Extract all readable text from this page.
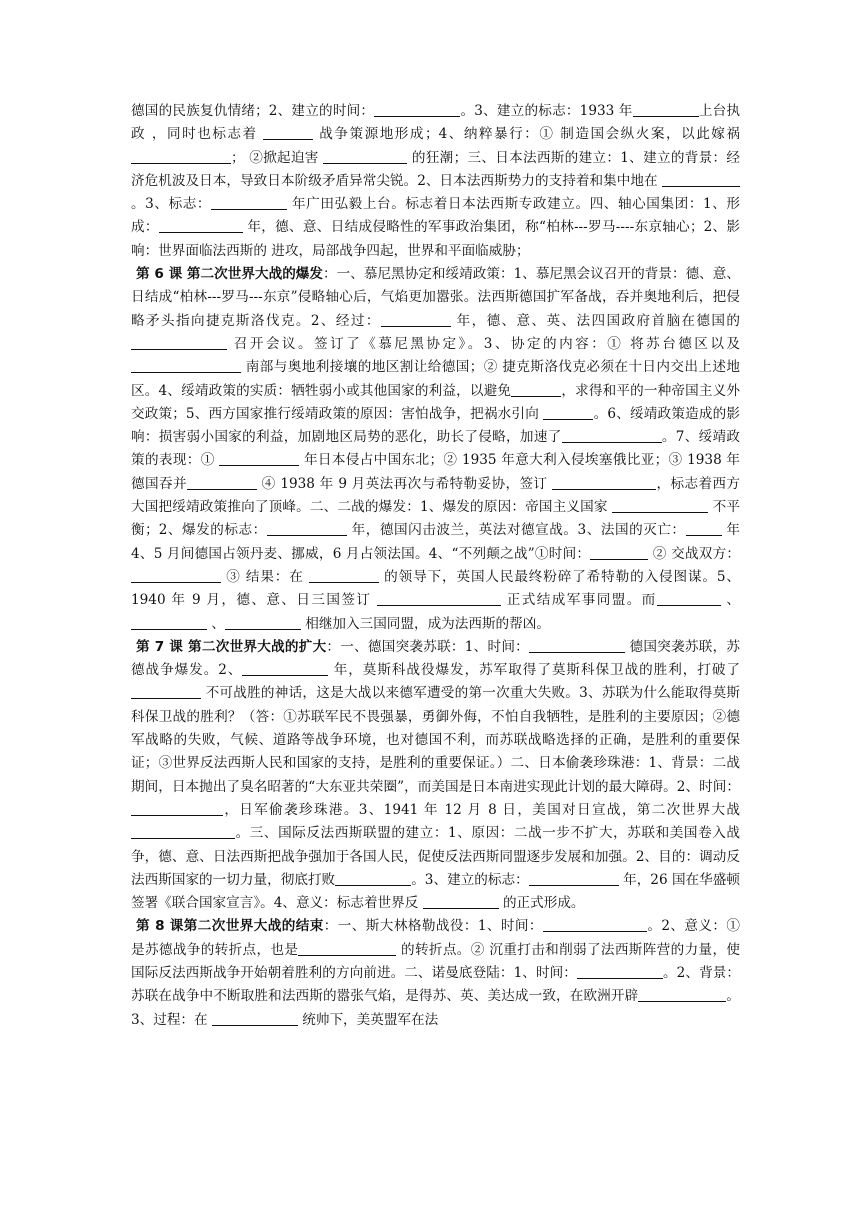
德国的民族复仇情绪；2、建立的时间：	。3、建立的标志：1933 年	上台执政 ，同时也标志着	战争策源地形成；4、纳粹暴行：① 制造国会纵火案，以此嫁祸； ②掀起迫害	的狂潮；三、日本法西斯的建立：1、建立的背景：经济危机波及日本，导致日本阶级矛盾异常尖锐。2、日本法西斯势力的支持着和集中地在 。3、标志：	年广田弘毅上台。标志着日本法西斯专政建立。四、轴心国集团：1、形成：	年，德、意、日结成侵略性的军事政治集团，称“柏林---罗马----东京轴心；2、影响：世界面临法西斯的 进攻，局部战争四起，世界和平面临威胁；

第 6 课 第二次世界大战的爆发：一、慕尼黑协定和绥靖政策：1、慕尼黑会议召开的背景：德、意、日结成“柏林---罗马---东京”侵略轴心后，气焰更加嚣张。法西斯德国扩军备战，吞并奥地利后，把侵略矛头指向捷克斯洛伐克。2、经过：	年，德、意、英、法四国政府首脑在德国的  召开会议。签订了《慕尼黑协定》。3、协定的内容：① 将苏台德区以及 南部与奥地利接壤的地区割让给德国；② 捷克斯洛伐克必须在十日内交出上述地区。4、绥靖政策的实质：牺牲弱小或其他国家的利益，以避免	，求得和平的一种帝国主义外交政策；5、西方国家推行绥靖政策的原因：害怕战争，把祸水引向	。6、绥靖政策造成的影响：损害弱小国家的利益，加剧地区局势的恶化，助长了侵略，加速了	。7、绥靖政策的表现：①	年日本侵占中国东北；② 1935 年意大利入侵埃塞俄比亚；③ 1938 年德国吞并	④ 1938 年 9 月英法再次与希特勒妥协，签订	，标志着西方大国把绥靖政策推向了顶峰。二、二战的爆发：1、爆发的原因：帝国主义国家	不平衡；2、爆发的标志：	年，德国闪击波兰，英法对德宣战。3、法国的灭亡：	年 4、5 月间德国占领丹麦、挪威，6 月占领法国。4、“不列颠之战”①时间：	② 交战双方： ③ 结果：在	的领导下，英国人民最终粉碎了希特勒的入侵图谋。5、1940 年 9 月，德、意、日三国签订	正式结成军事同盟。而	、  、	相继加入三国同盟，成为法西斯的帮凶。

第 7 课 第二次世界大战的扩大：一、德国突袭苏联：1、时间：	德国突袭苏联，苏德战争爆发。2、	年，莫斯科战役爆发，苏军取得了莫斯科保卫战的胜利，打破了  不可战胜的神话，这是大战以来德军遭受的第一次重大失败。3、苏联为什么能取得莫斯科保卫战的胜利？（答：①苏联军民不畏强暴，勇御外侮，不怕自我牺牲，是胜利的主要原因；②德军战略的失败，气候、道路等战争环境，也对德国不利，而苏联战略选择的正确，是胜利的重要保证；③世界反法西斯人民和国家的支持，是胜利的重要保证。）二、日本偷袭珍珠港：1、背景：二战期间，日本抛出了臭名昭著的“大东亚共荣圈”，而美国是日本南进实现此计划的最大障碍。2、时间：，日军偷袭珍珠港。3、1941 年 12 月 8 日，美国对日宣战，第二次世界大战 。三、国际反法西斯联盟的建立：1、原因：二战一步不扩大，苏联和美国卷入战争，德、意、日法西斯把战争强加于各国人民，促使反法西斯同盟逐步发展和加强。2、目的：调动反法西斯国家的一切力量，彻底打败	。3、建立的标志：	年，26 国在华盛顿签署《联合国家宣言》。4、意义：标志着世界反	的正式形成。

第 8 课第二次世界大战的结束：一、斯大林格勒战役：1、时间：	。2、意义：① 是苏德战争的转折点，也是	的转折点。② 沉重打击和削弱了法西斯阵营的力量，使国际反法西斯战争开始朝着胜利的方向前进。二、诺曼底登陆：1、时间：	。2、背景：苏联在战争中不断取胜和法西斯的嚣张气焰，是得苏、英、美达成一致，在欧洲开辟	。3、过程：在	统帅下，美英盟军在法
